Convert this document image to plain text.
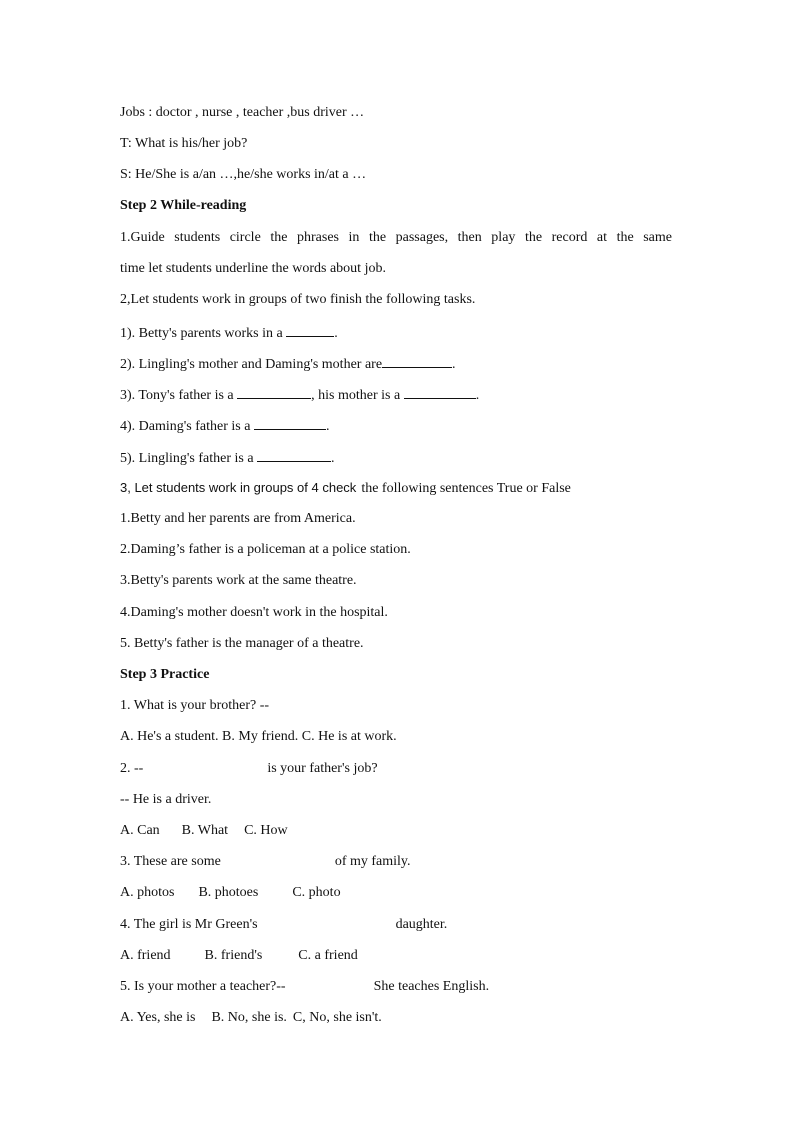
Jobs : doctor , nurse , teacher ,bus driver …
T: What is his/her job?
S: He/She is a/an …,he/she works in/at a …
Step 2 While-reading
1.Guide students circle the phrases in the passages, then play the record at the same
time let students underline the words about job.
2,Let students work in groups of two finish the following tasks.
1). Betty's parents works in a	.
2). Lingling's mother and Daming's mother are	.
3). Tony's father is a	, his mother is a	.
4). Daming's father is a	.
5). Lingling's father is a	.
3, Let students work in groups of 4 check the following sentences True or False
1.Betty and her parents are from America.
2.Daming’s father is a policeman at a police station.
3.Betty's parents work at the same theatre.
4.Daming's mother doesn't work in the hospital.
5. Betty's father is the manager of a theatre.
Step 3 Practice
1. What is your brother? --
A. He's a student. B. My friend. C. He is at work.
2. --	is your father's job?
-- He is a driver.
A. Can B. What C. How
3. These are some	of my family.
A. photos B. photoes C. photo
4. The girl is Mr Green's	daughter.
A. friend B. friend's	C. a friend
5. Is your mother a teacher?--	She teaches English.
A. Yes, she is B. No, she is. C, No, she isn't.
